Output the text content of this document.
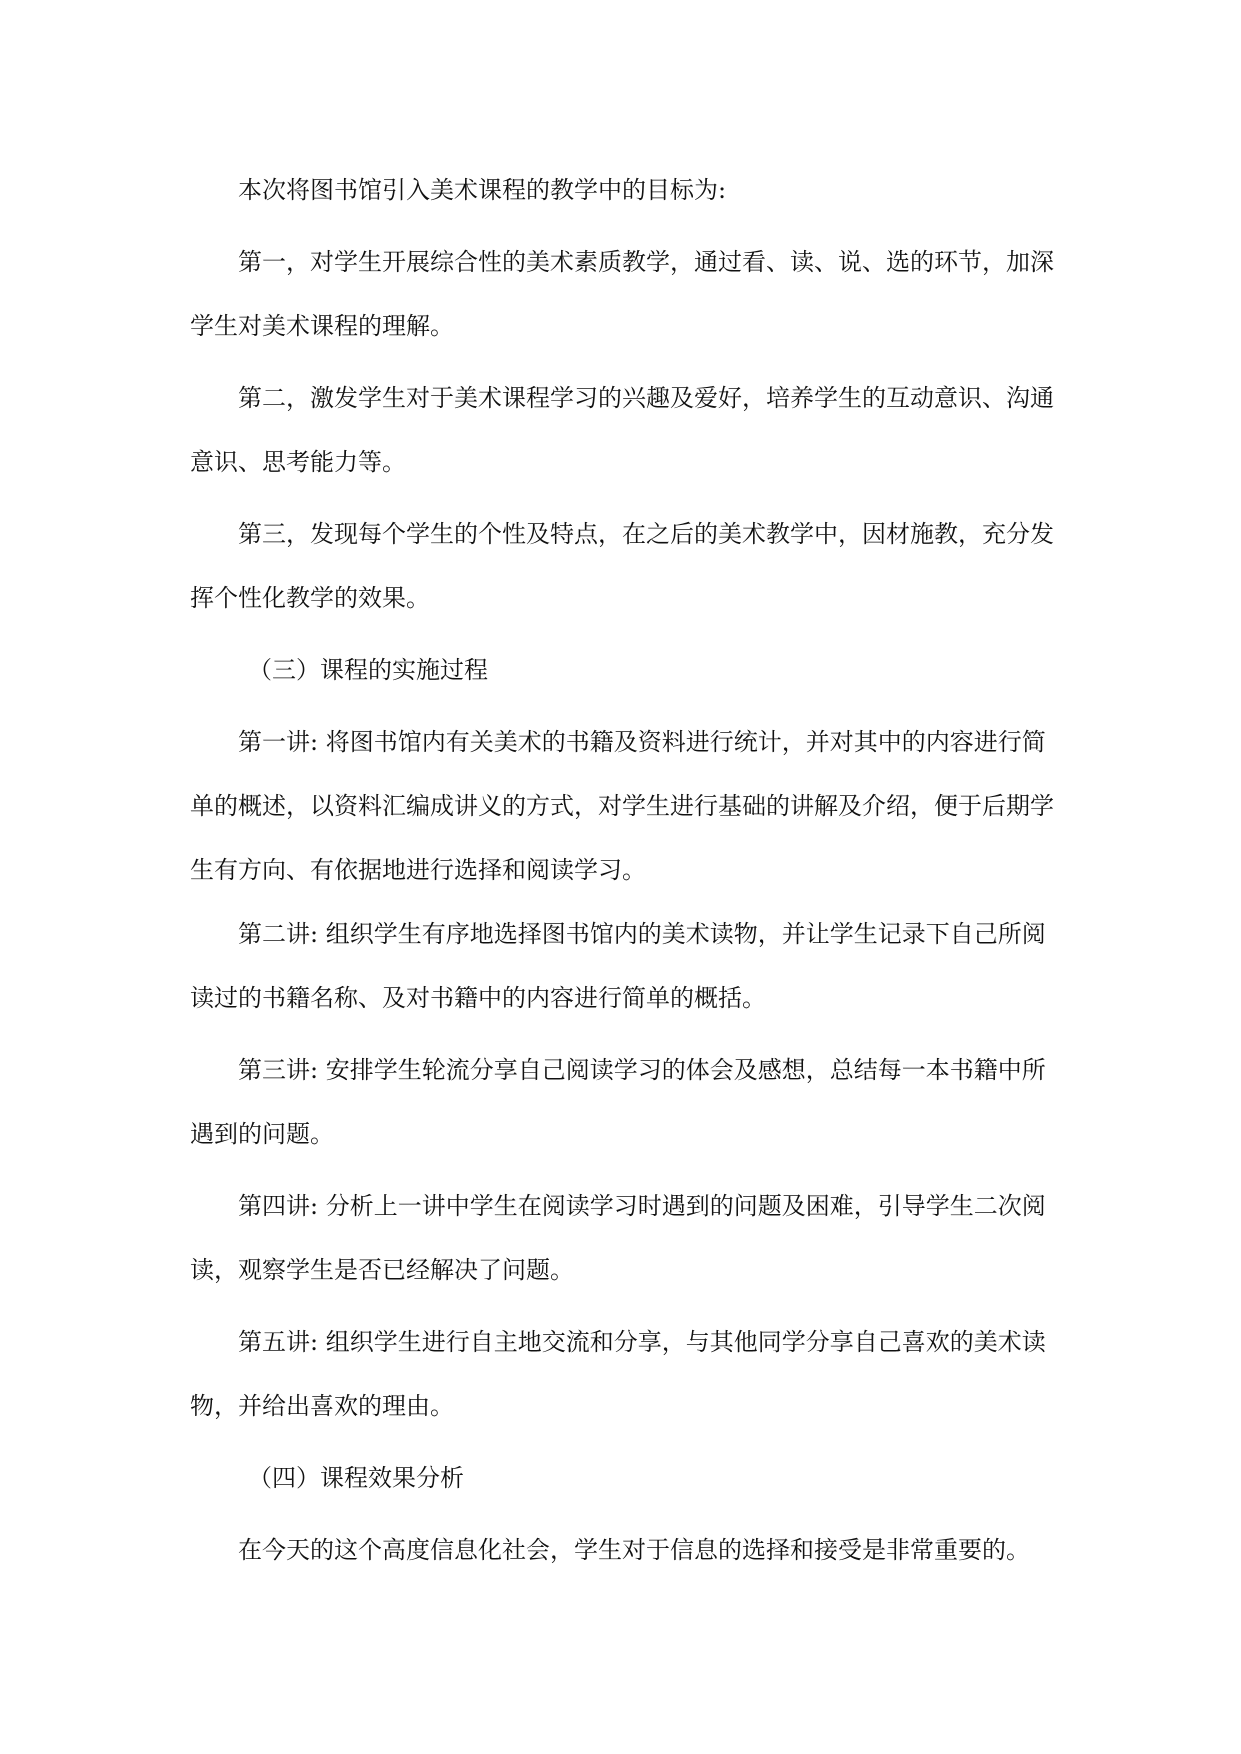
本次将图书馆引入美术课程的教学中的目标为:

第一，对学生开展综合性的美术素质教学，通过看、读、说、选的环节，加深学生对美术课程的理解。

第二，激发学生对于美术课程学习的兴趣及爱好，培养学生的互动意识、沟通意识、思考能力等。

第三，发现每个学生的个性及特点，在之后的美术教学中，因材施教，充分发挥个性化教学的效果。

（三）课程的实施过程

第一讲: 将图书馆内有关美术的书籍及资料进行统计，并对其中的内容进行简单的概述，以资料汇编成讲义的方式，对学生进行基础的讲解及介绍，便于后期学生有方向、有依据地进行选择和阅读学习。

第二讲: 组织学生有序地选择图书馆内的美术读物，并让学生记录下自己所阅读过的书籍名称、及对书籍中的内容进行简单的概括。

第三讲: 安排学生轮流分享自己阅读学习的体会及感想，总结每一本书籍中所遇到的问题。

第四讲: 分析上一讲中学生在阅读学习时遇到的问题及困难，引导学生二次阅读，观察学生是否已经解决了问题。

第五讲: 组织学生进行自主地交流和分享，与其他同学分享自己喜欢的美术读物，并给出喜欢的理由。

（四）课程效果分析

在今天的这个高度信息化社会，学生对于信息的选择和接受是非常重要的。
